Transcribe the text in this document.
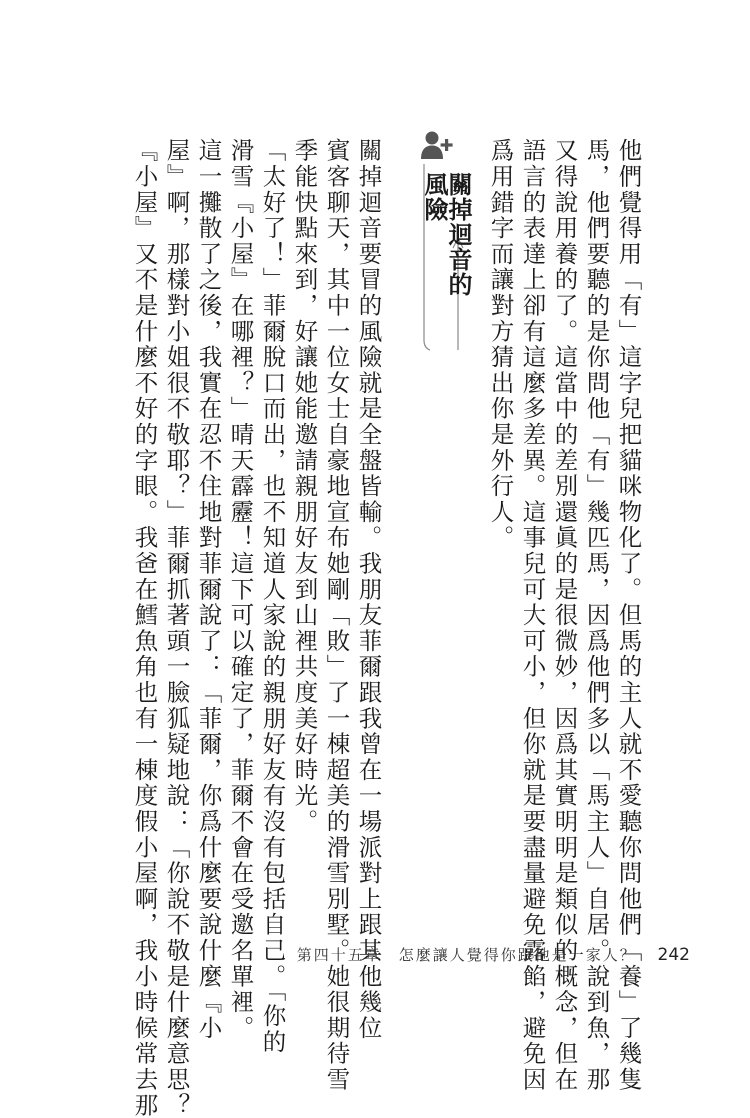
他們覺得用「有」這字兒把貓咪物化了。但馬的主人就不愛聽你問他們「養」了幾隻

馬，他們要聽的是你問他「有」幾匹馬，因爲他們多以「馬主人」自居。說到魚，那

又得說用養的了。這當中的差別還眞的是很微妙，因爲其實明明是類似的概念，但在

語言的表達上卻有這麼多差異。這事兒可大可小，但你就是要盡量避免露餡，避免因

爲用錯字而讓對方猜出你是外行人。

關掉迴音的風險

關掉迴音要冒的風險就是全盤皆輸。我朋友菲爾跟我曾在一場派對上跟其他幾位

賓客聊天，其中一位女士自豪地宣布她剛「敗」了一棟超美的滑雪別墅。她很期待雪

季能快點來到，好讓她能邀請親朋好友到山裡共度美好時光。

「太好了！」菲爾脫口而出，也不知道人家說的親朋好友有沒有包括自己。「你的

滑雪『小屋』在哪裡？」晴天霹靂！這下可以確定了，菲爾不會在受邀名單裡。

這一攤散了之後，我實在忍不住地對菲爾說了：「菲爾，你爲什麼要說什麼『小

屋』啊，那樣對小姐很不敬耶？」菲爾抓著頭一臉狐疑地說：「你說不敬是什麼意思？

『小屋』又不是什麼不好的字眼。我爸在鱈魚角也有一棟度假小屋啊，我小時候常去那	第四十五章　怎麼讓人覺得你跟他是一家人？ 242
